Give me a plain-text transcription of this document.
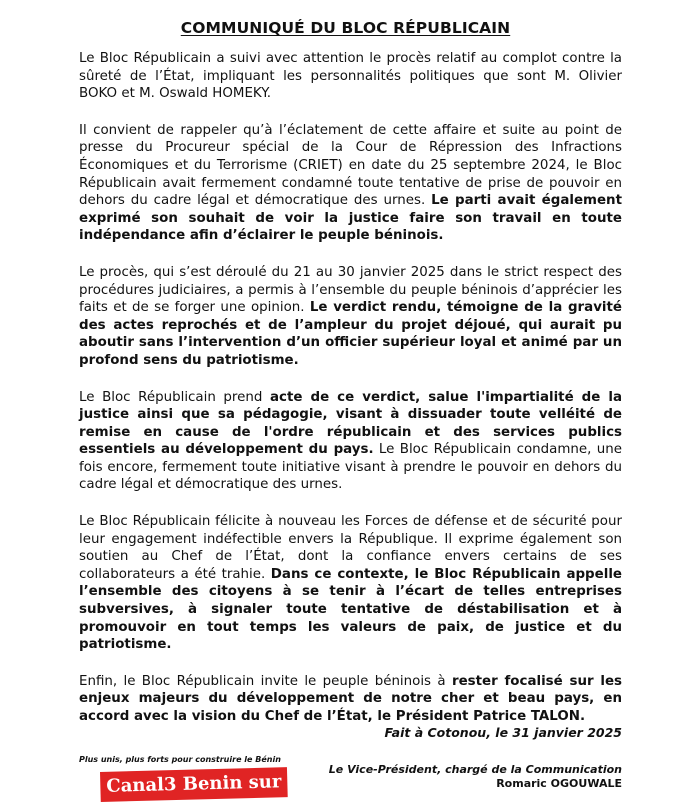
COMMUNIQUÉ DU BLOC RÉPUBLICAIN

Le Bloc Républicain a suivi avec attention le procès relatif au complot contre la sûreté de l’État, impliquant les personnalités politiques que sont M. Olivier BOKO et M. Oswald HOMEKY.

Il convient de rappeler qu’à l’éclatement de cette affaire et suite au point de presse du Procureur spécial de la Cour de Répression des Infractions Économiques et du Terrorisme (CRIET) en date du 25 septembre 2024, le Bloc Républicain avait fermement condamné toute tentative de prise de pouvoir en dehors du cadre légal et démocratique des urnes. Le parti avait également exprimé son souhait de voir la justice faire son travail en toute indépendance afin d’éclairer le peuple béninois.

Le procès, qui s’est déroulé du 21 au 30 janvier 2025 dans le strict respect des procédures judiciaires, a permis à l’ensemble du peuple béninois d’apprécier les faits et de se forger une opinion. Le verdict rendu, témoigne de la gravité des actes reprochés et de l’ampleur du projet déjoué, qui aurait pu aboutir sans l’intervention d’un officier supérieur loyal et animé par un profond sens du patriotisme.

Le Bloc Républicain prend acte de ce verdict, salue l'impartialité de la justice ainsi que sa pédagogie, visant à dissuader toute velléité de remise en cause de l'ordre républicain et des services publics essentiels au développement du pays. Le Bloc Républicain condamne, une fois encore, fermement toute initiative visant à prendre le pouvoir en dehors du cadre légal et démocratique des urnes.

Le Bloc Républicain félicite à nouveau les Forces de défense et de sécurité pour leur engagement indéfectible envers la République. Il exprime également son soutien au Chef de l’État, dont la confiance envers certains de ses collaborateurs a été trahie. Dans ce contexte, le Bloc Républicain appelle l’ensemble des citoyens à se tenir à l’écart de telles entreprises subversives, à signaler toute tentative de déstabilisation et à promouvoir en tout temps les valeurs de paix, de justice et du patriotisme.

Enfin, le Bloc Républicain invite le peuple béninois à rester focalisé sur les enjeux majeurs du développement de notre cher et beau pays, en accord avec la vision du Chef de l’État, le Président Patrice TALON.

Fait à Cotonou, le 31 janvier 2025

Plus unis, plus forts pour construire le Bénin

Le Vice-Président, chargé de la Communication
Romaric OGOUWALE
Canal3 Benin sur
